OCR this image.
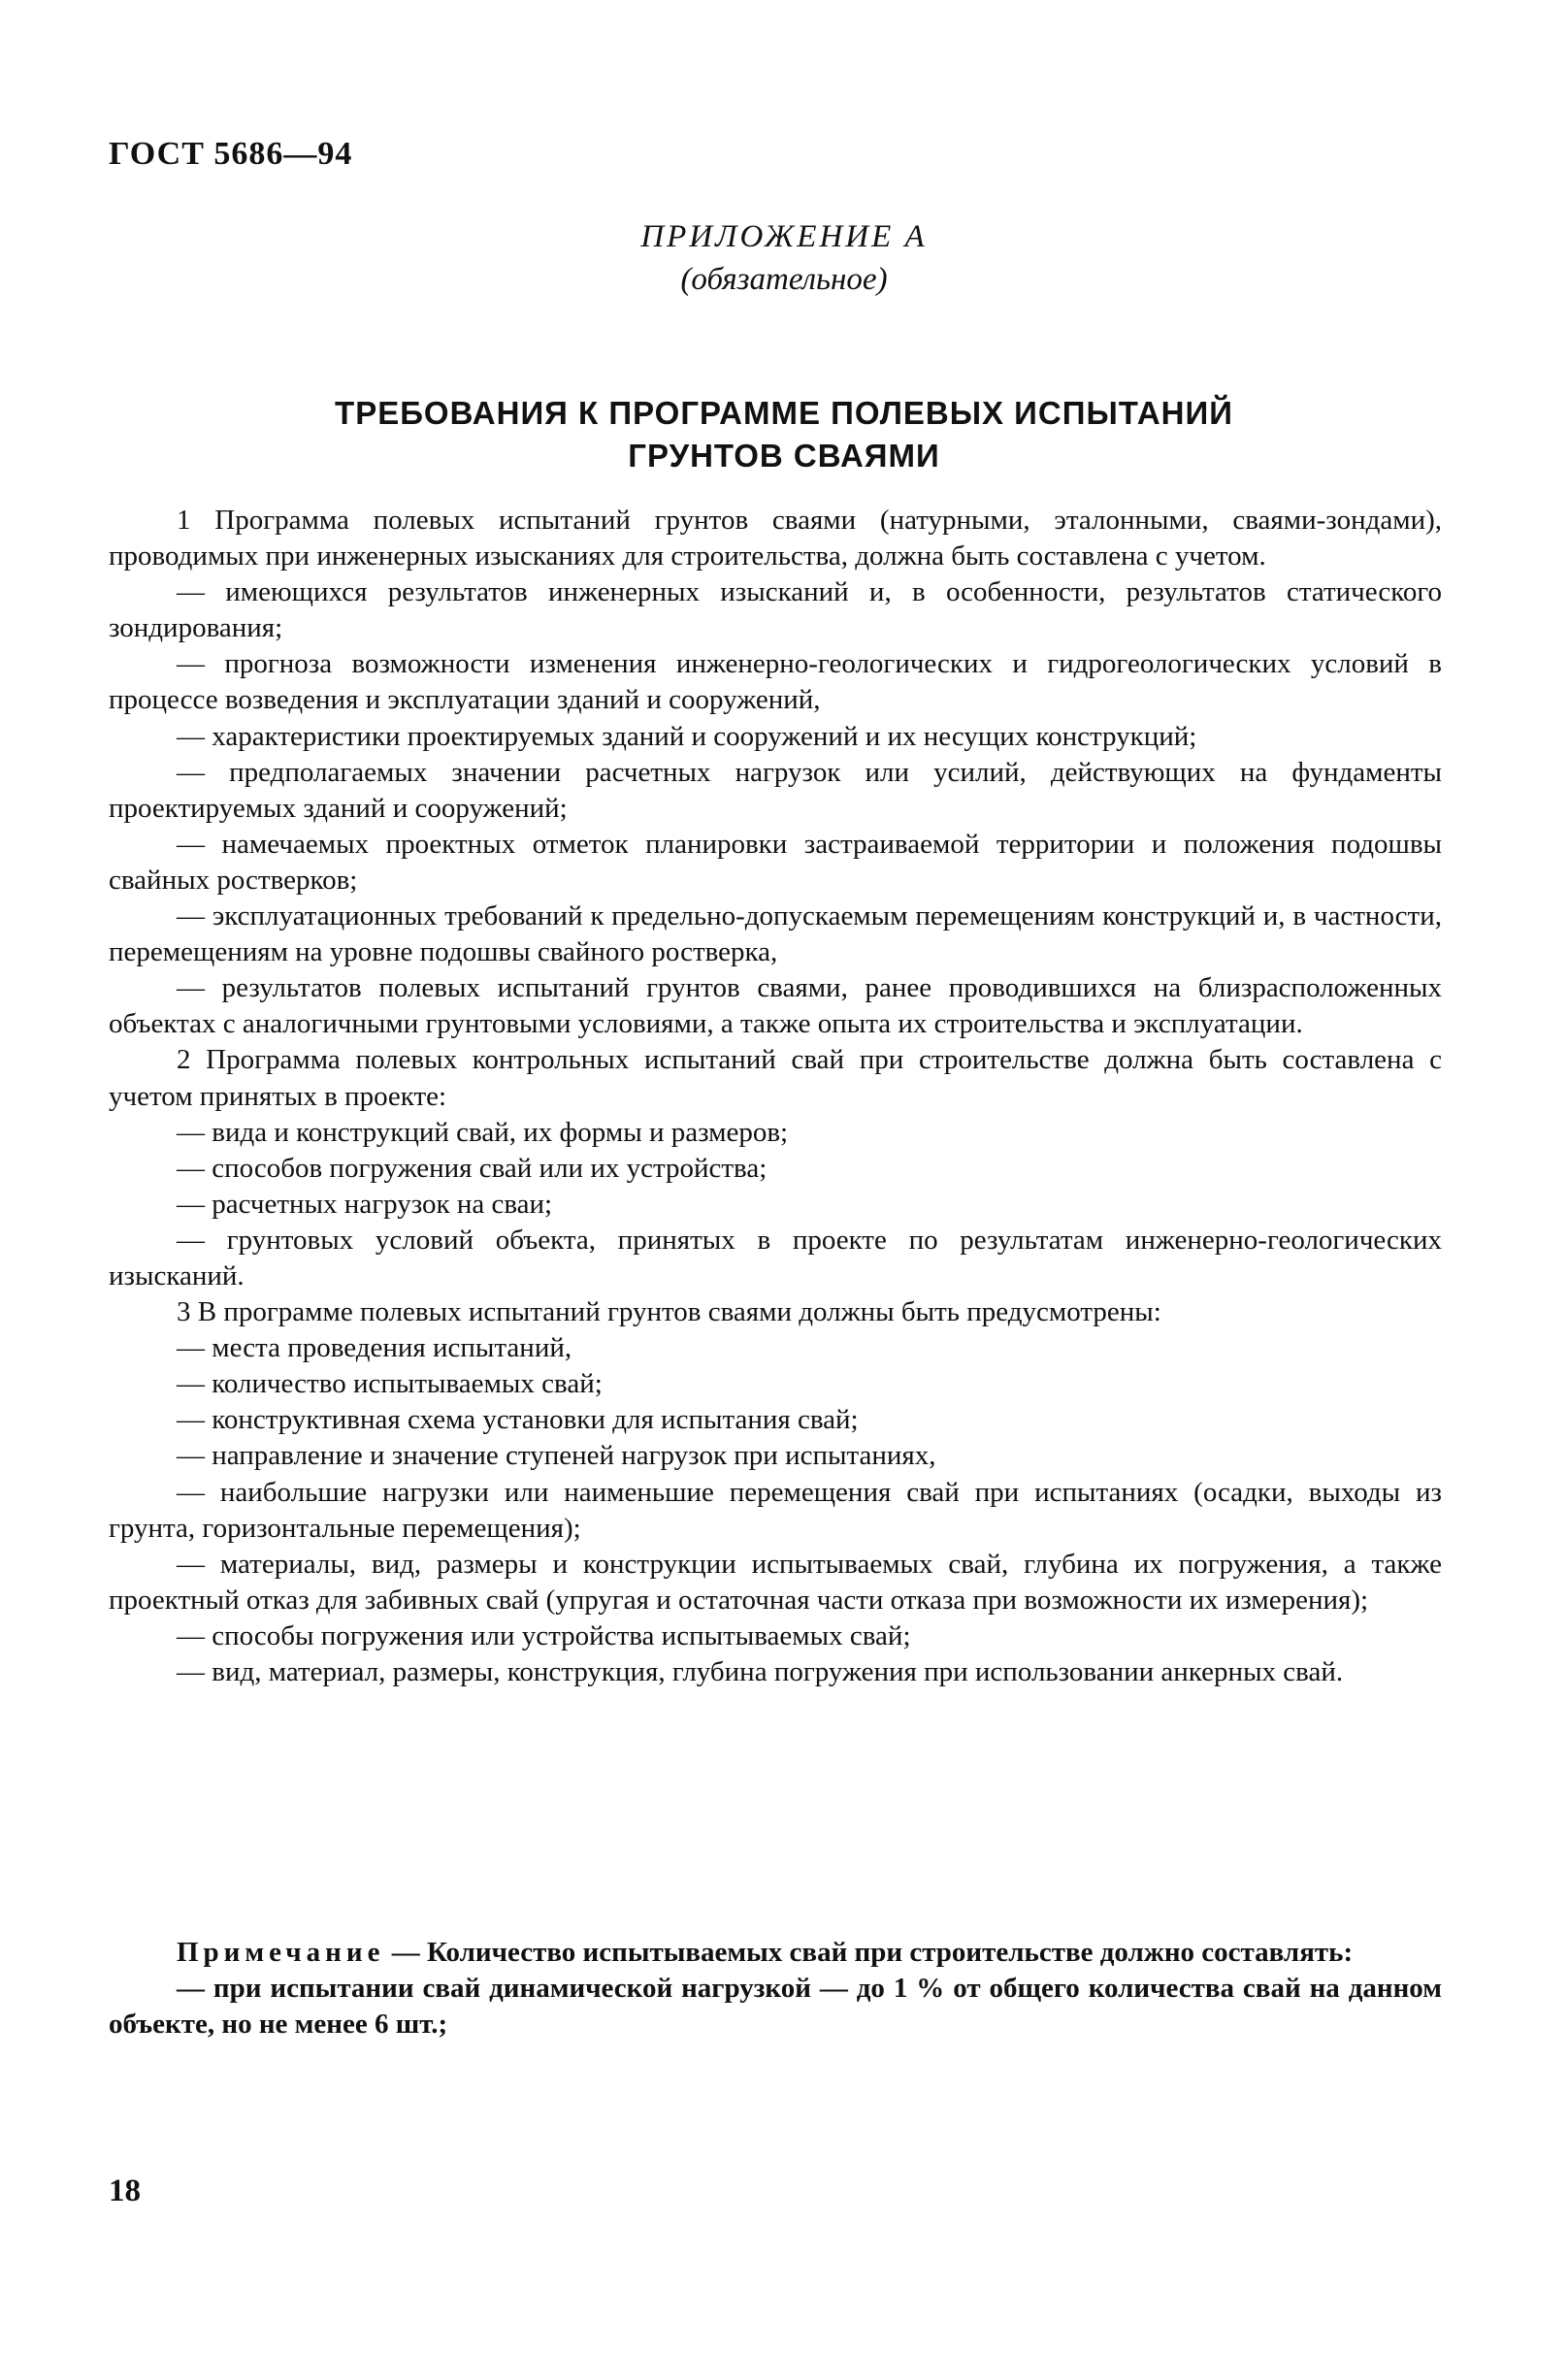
ГОСТ 5686—94
ПРИЛОЖЕНИЕ А
(обязательное)
ТРЕБОВАНИЯ К ПРОГРАММЕ ПОЛЕВЫХ ИСПЫТАНИЙ
ГРУНТОВ СВАЯМИ

1 Программа полевых испытаний грунтов сваями (натурными, эталонными, сваями-зондами), проводимых при инженерных изысканиях для строительства, должна быть составлена с учетом.

— имеющихся результатов инженерных изысканий и, в особенности, результатов статического зондирования;

— прогноза возможности изменения инженерно-геологических и гидрогеологических условий в процессе возведения и эксплуатации зданий и сооружений,

— характеристики проектируемых зданий и сооружений и их несущих конструкций;

— предполагаемых значении расчетных нагрузок или усилий, действующих на фундаменты проектируемых зданий и сооружений;

— намечаемых проектных отметок планировки застраиваемой территории и положения подошвы свайных ростверков;

— эксплуатационных требований к предельно-допускаемым перемещениям конструкций и, в частности, перемещениям на уровне подошвы свайного ростверка,

— результатов полевых испытаний грунтов сваями, ранее проводившихся на близрасположенных объектах с аналогичными грунтовыми условиями, а также опыта их строительства и эксплуатации.

2 Программа полевых контрольных испытаний свай при строительстве должна быть составлена с учетом принятых в проекте:

— вида и конструкций свай, их формы и размеров;

— способов погружения свай или их устройства;

— расчетных нагрузок на сваи;

— грунтовых условий объекта, принятых в проекте по результатам инженерно-геологических изысканий.

3 В программе полевых испытаний грунтов сваями должны быть предусмотрены:

— места проведения испытаний,

— количество испытываемых свай;

— конструктивная схема установки для испытания свай;

— направление и значение ступеней нагрузок при испытаниях,

— наибольшие нагрузки или наименьшие перемещения свай при испытаниях (осадки, выходы из грунта, горизонтальные перемещения);

— материалы, вид, размеры и конструкции испытываемых свай, глубина их погружения, а также проектный отказ для забивных свай (упругая и остаточная части отказа при возможности их измерения);

— способы погружения или устройства испытываемых свай;

— вид, материал, размеры, конструкция, глубина погружения при использовании анкерных свай.

Примечание — Количество испытываемых свай при строительстве должно составлять:

— при испытании свай динамической нагрузкой — до 1 % от общего количества свай на данном объекте, но не менее 6 шт.;

18
